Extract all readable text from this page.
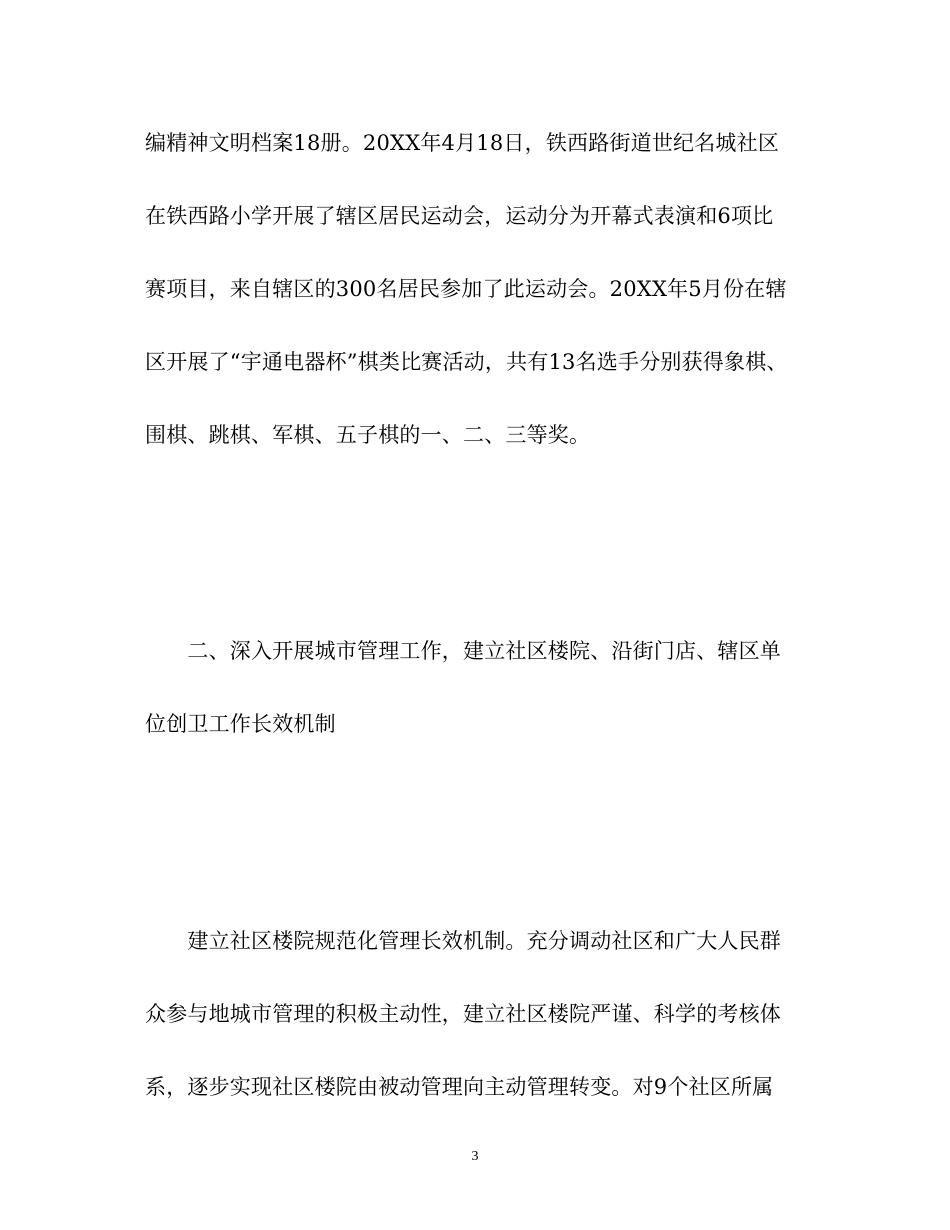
编精神文明档案18册。20XX年4月18日，铁西路街道世纪名城社区
在铁西路小学开展了辖区居民运动会，运动分为开幕式表演和6项比
赛项目，来自辖区的300名居民参加了此运动会。20XX年5月份在辖
区开展了“宇通电器杯”棋类比赛活动，共有13名选手分别获得象棋、
围棋、跳棋、军棋、五子棋的一、二、三等奖。
　　二、深入开展城市管理工作，建立社区楼院、沿街门店、辖区单
位创卫工作长效机制
　　建立社区楼院规范化管理长效机制。充分调动社区和广大人民群
众参与地城市管理的积极主动性，建立社区楼院严谨、科学的考核体
系，逐步实现社区楼院由被动管理向主动管理转变。对9个社区所属
3
